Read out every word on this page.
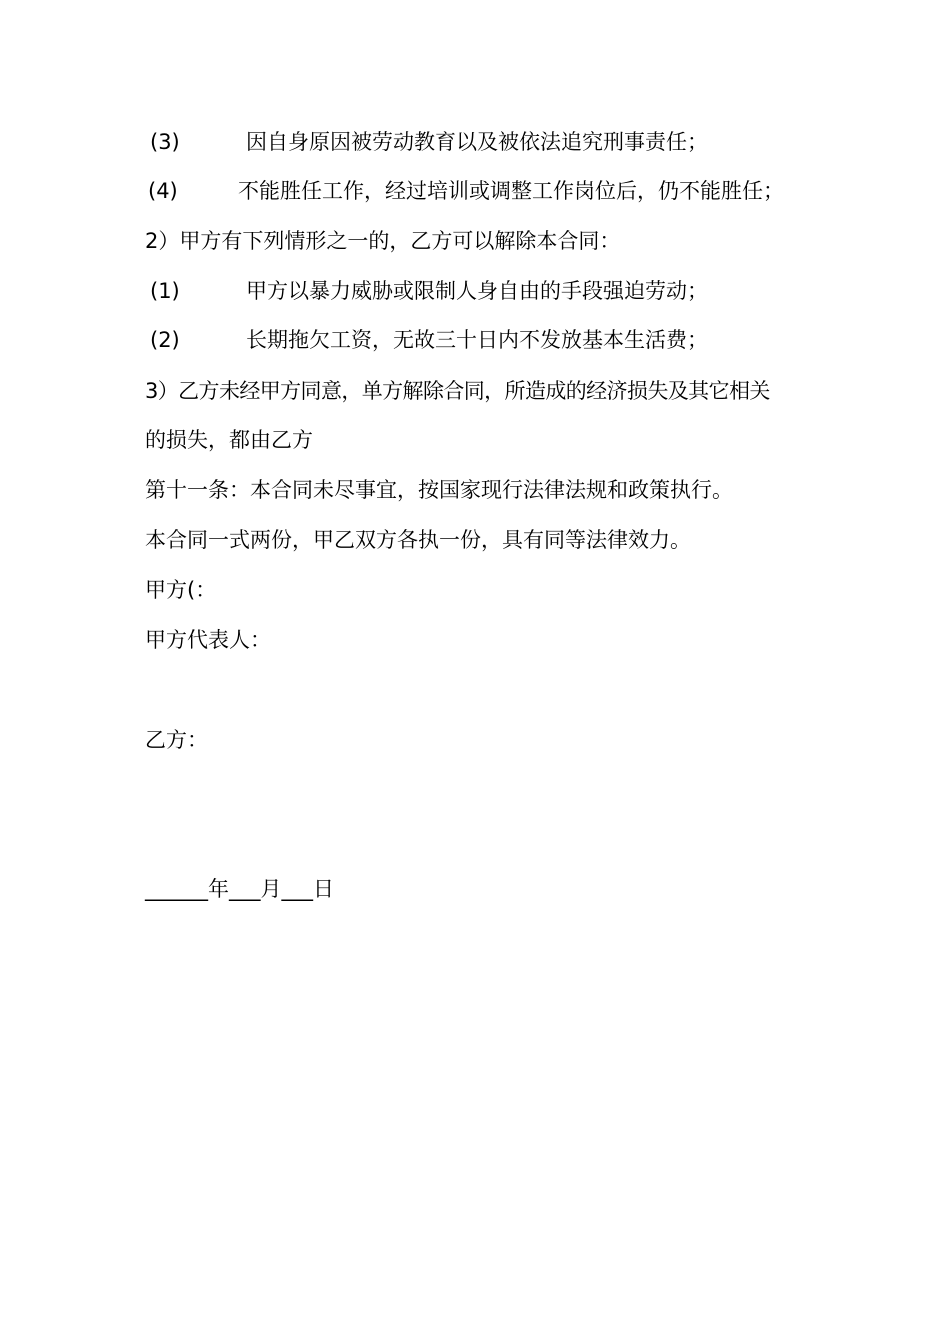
(3)	因自身原因被劳动教育以及被依法追究刑事责任；
(4)	不能胜任工作，经过培训或调整工作岗位后，仍不能胜任；
2）甲方有下列情形之一的，乙方可以解除本合同：
(1)	甲方以暴力威胁或限制人身自由的手段强迫劳动；
(2)	长期拖欠工资，无故三十日内不发放基本生活费；
3）乙方未经甲方同意，单方解除合同，所造成的经济损失及其它相关
的损失，都由乙方
第十一条：本合同未尽事宜，按国家现行法律法规和政策执行。
本合同一式两份，甲乙双方各执一份，具有同等法律效力。
甲方(：
甲方代表人：
乙方：
______年___月___日
